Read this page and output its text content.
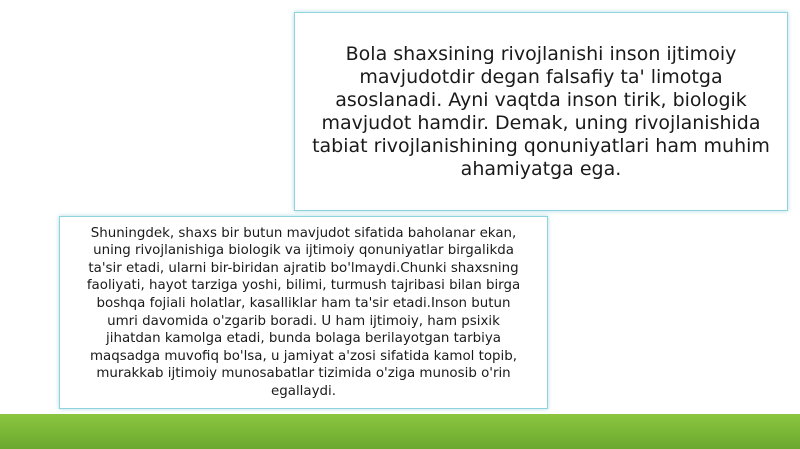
Bola shaxsining rivojlanishi inson ijtimoiy mavjudotdir degan falsafiy ta' limotga asoslanadi. Ayni vaqtda inson tirik, biologik mavjudot hamdir. Demak, uning rivojlanishida tabiat rivojlanishining qonuniyatlari ham muhim ahamiyatga ega.

Shuningdek, shaxs bir butun mavjudot sifatida baholanar ekan, uning rivojlanishiga biologik va ijtimoiy qonuniyatlar birgalikda ta'sir etadi, ularni bir-biridan ajratib bo'lmaydi.Chunki shaxsning faoliyati, hayot tarziga yoshi, bilimi, turmush tajribasi bilan birga boshqa fojiali holatlar, kasalliklar ham ta'sir etadi.Inson butun umri davomida o'zgarib boradi. U ham ijtimoiy, ham psixik jihatdan kamolga etadi, bunda bolaga berilayotgan tarbiya maqsadga muvofiq bo'lsa, u jamiyat a'zosi sifatida kamol topib, murakkab ijtimoiy munosabatlar tizimida o'ziga munosib o'rin egallaydi.
